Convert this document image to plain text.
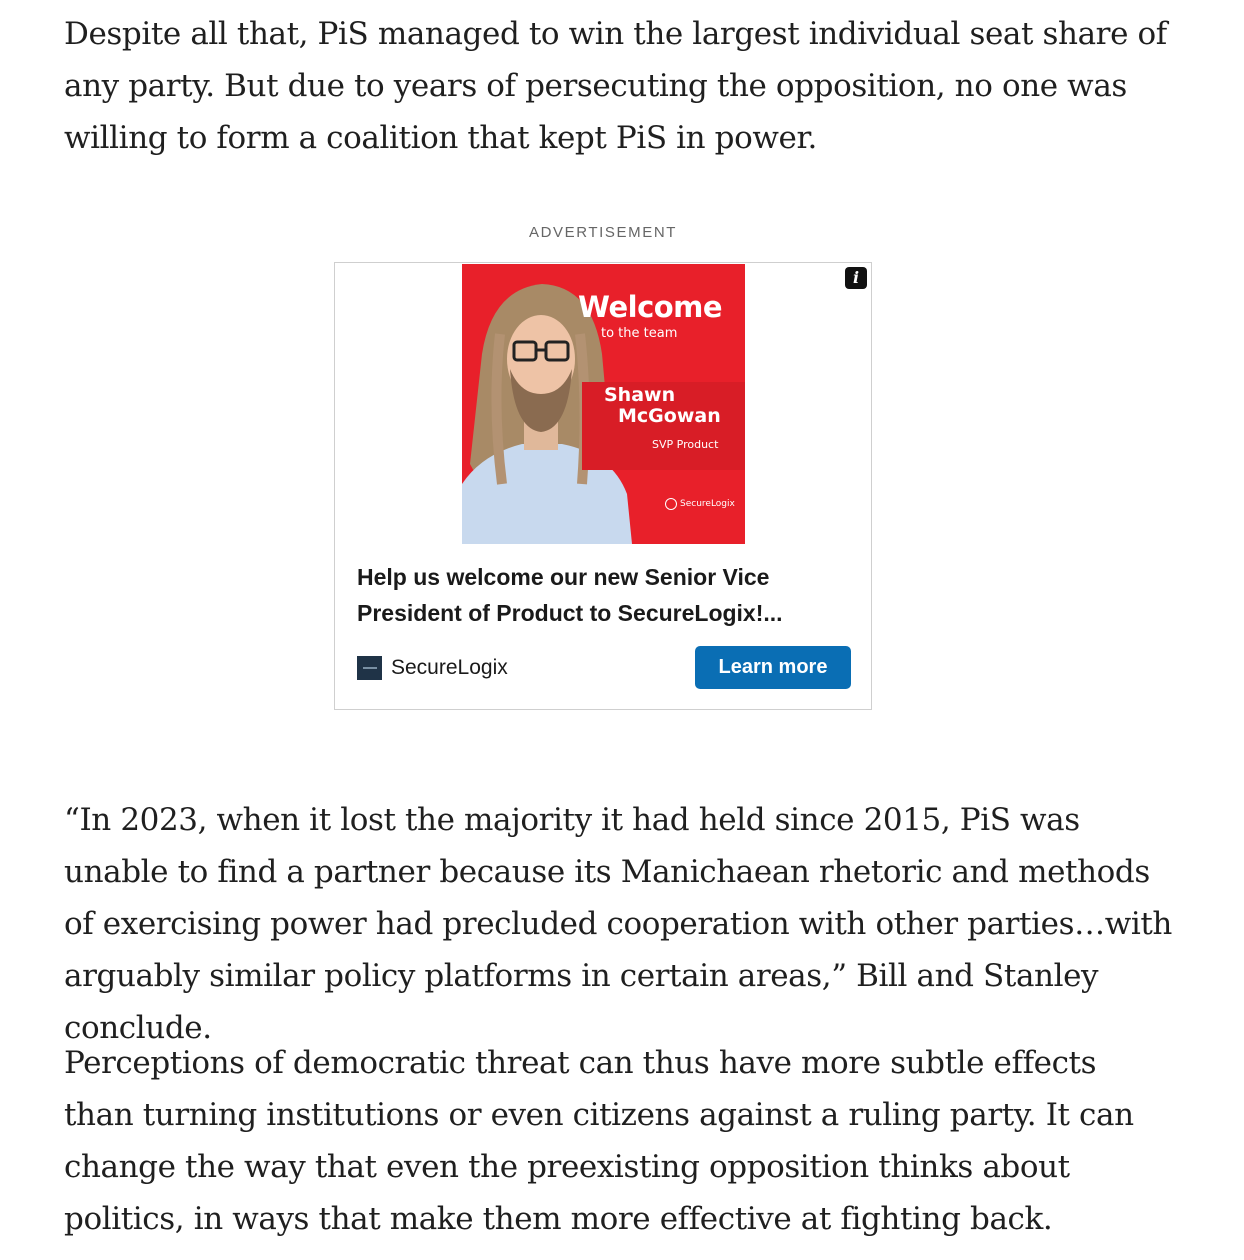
Despite all that, PiS managed to win the largest individual seat share of any party. But due to years of persecuting the opposition, no one was willing to form a coalition that kept PiS in power.

ADVERTISEMENT
i
Welcome
to the team
Shawn
McGowan
SVP Product
SecureLogix
Help us welcome our new Senior Vice President of Product to SecureLogix!...
SecureLogix	Learn more

“In 2023, when it lost the majority it had held since 2015, PiS was unable to find a partner because its Manichaean rhetoric and methods of exercising power had precluded cooperation with other parties…with arguably similar policy platforms in certain areas,” Bill and Stanley conclude.

Perceptions of democratic threat can thus have more subtle effects than turning institutions or even citizens against a ruling party. It can change the way that even the preexisting opposition thinks about politics, in ways that make them more effective at fighting back.
